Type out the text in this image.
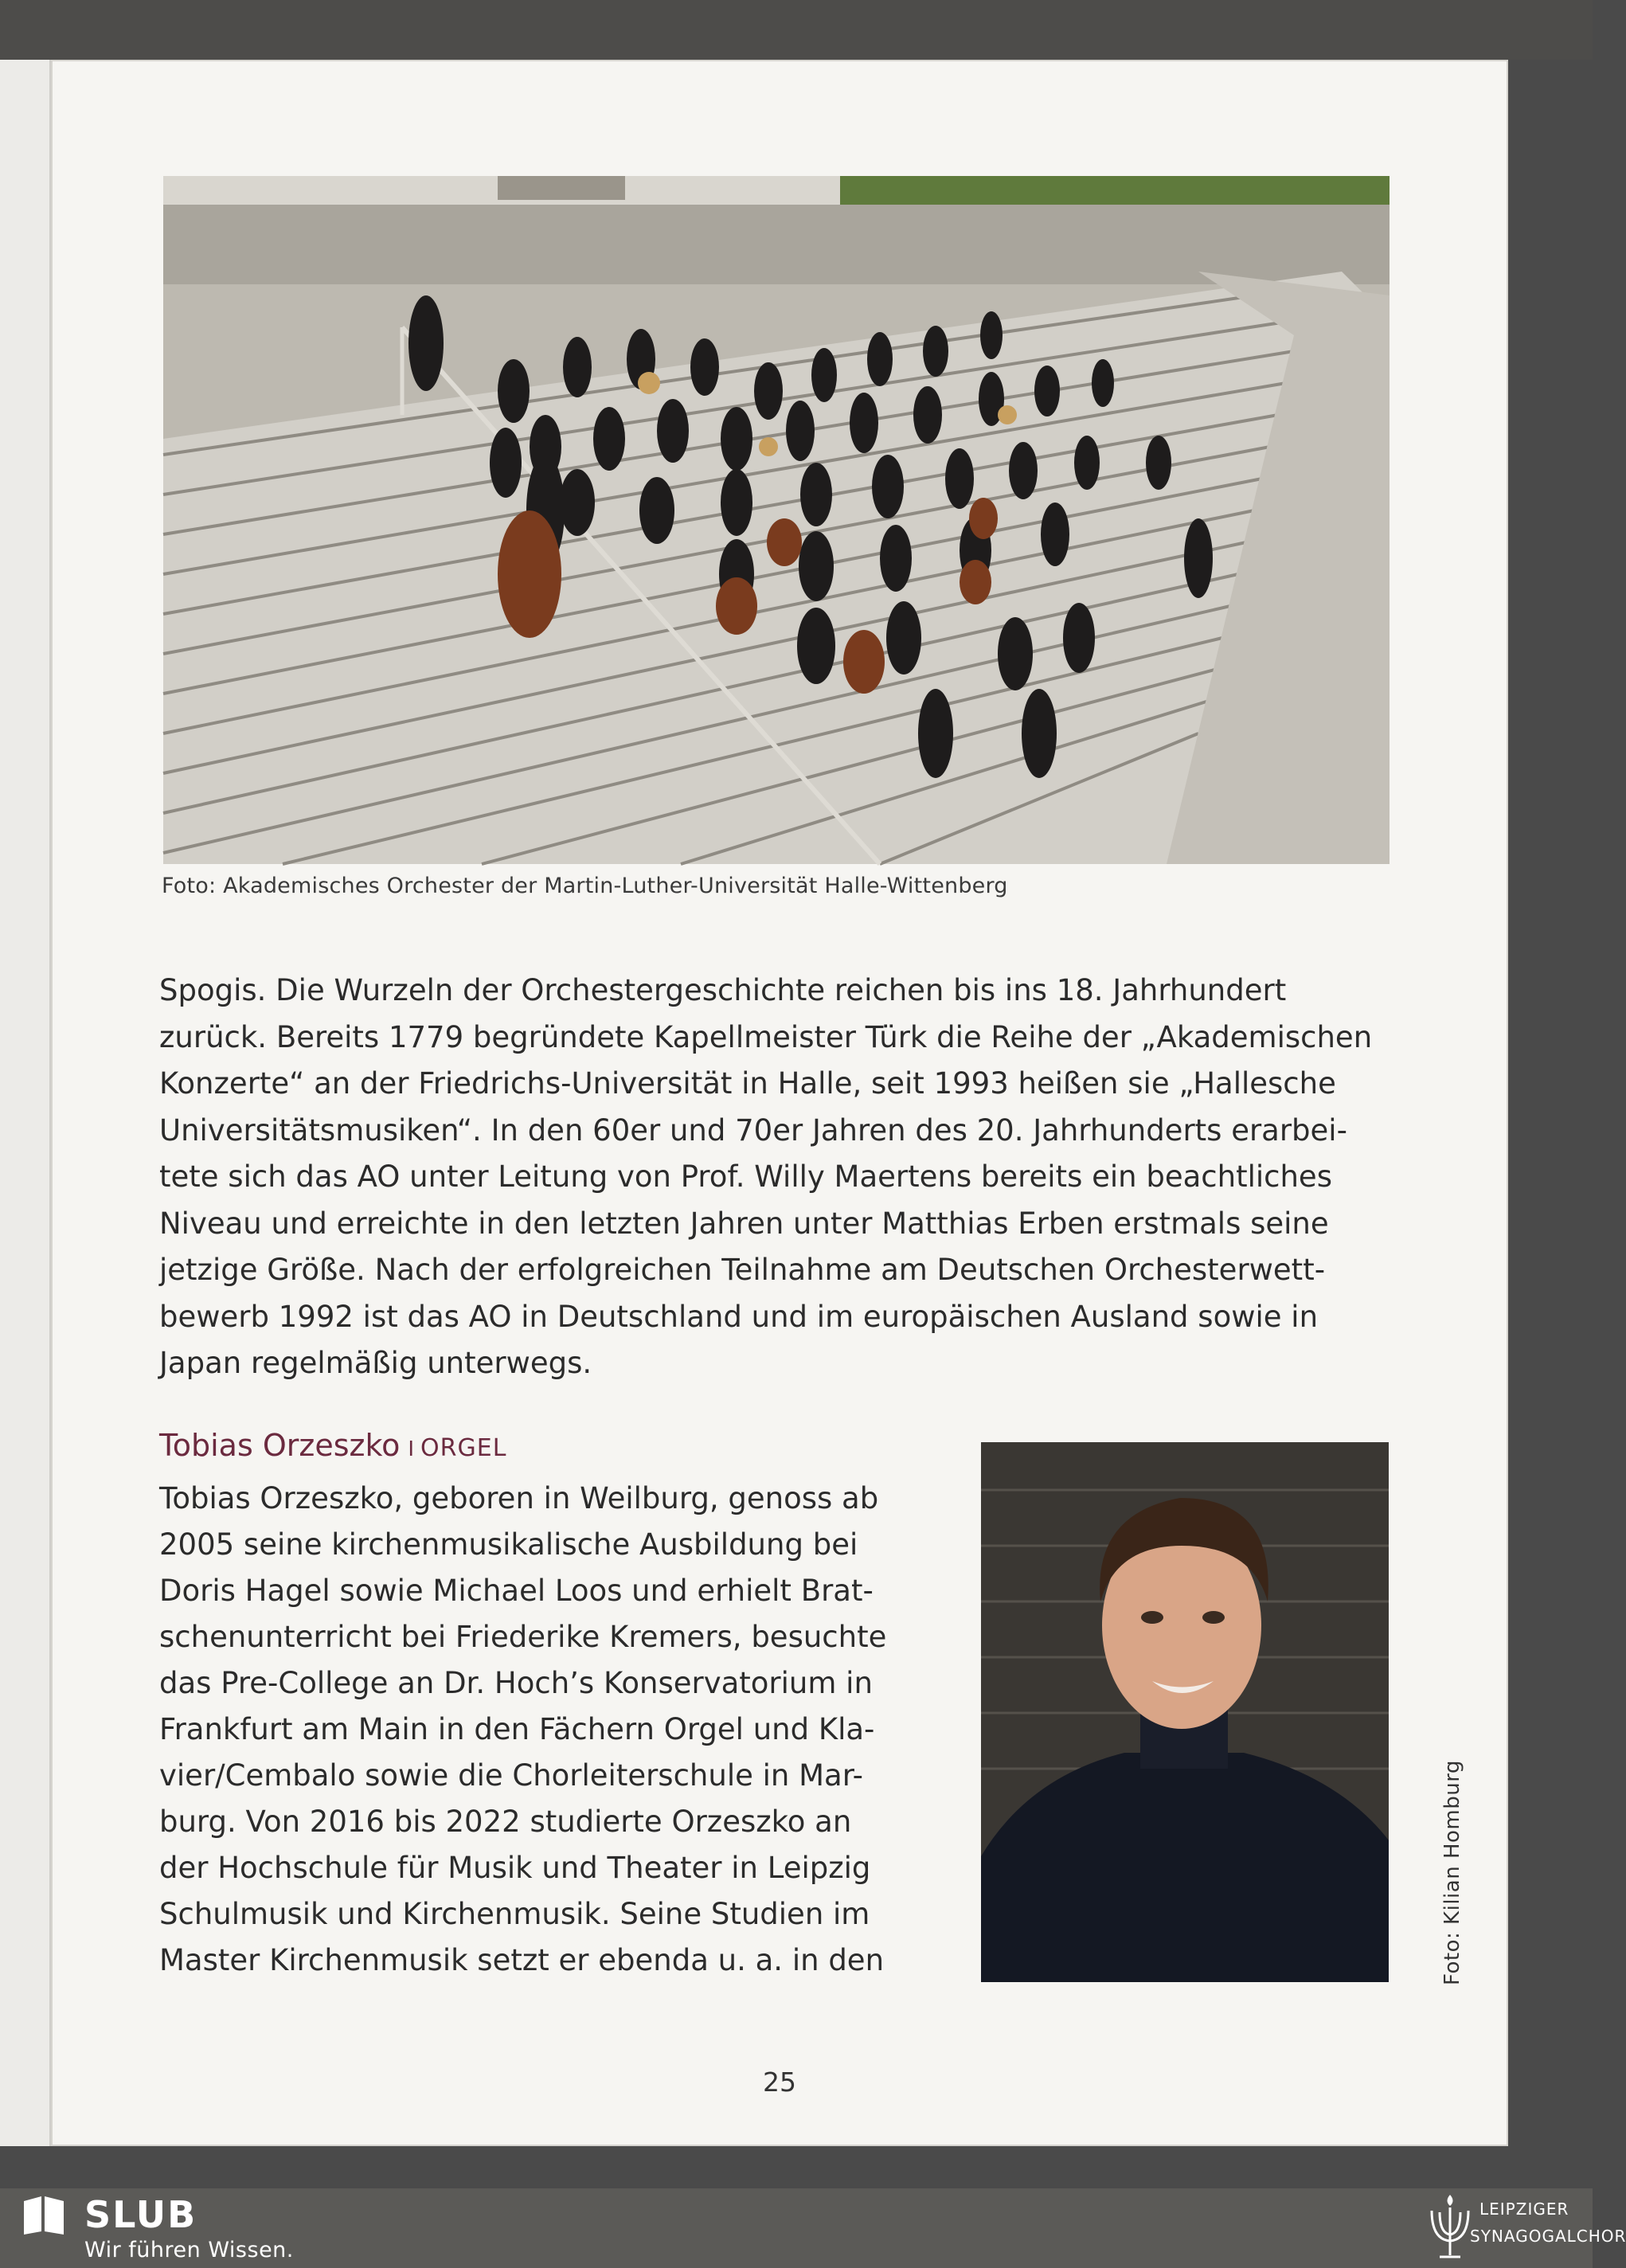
Foto: Akademisches Orchester der Martin-Luther-Universität Halle-Wittenberg

Spogis. Die Wurzeln der Orchestergeschichte reichen bis ins 18. Jahrhundert

zurück. Bereits 1779 begründete Kapellmeister Türk die Reihe der „Akademischen

Konzerte“ an der Friedrichs-Universität in Halle, seit 1993 heißen sie „Hallesche

Universitätsmusiken“. In den 60er und 70er Jahren des 20. Jahrhunderts erarbei-

tete sich das AO unter Leitung von Prof. Willy Maertens bereits ein beachtliches

Niveau und erreichte in den letzten Jahren unter Matthias Erben erstmals seine

jetzige Größe. Nach der erfolgreichen Teilnahme am Deutschen Orchesterwett-

bewerb 1992 ist das AO in Deutschland und im europäischen Ausland sowie in

Japan regelmäßig unterwegs.

Tobias Orzeszko I ORGEL

Tobias Orzeszko, geboren in Weilburg, genoss ab

2005 seine kirchenmusikalische Ausbildung bei

Doris Hagel sowie Michael Loos und erhielt Brat-

schenunterricht bei Friederike Kremers, besuchte

das Pre-College an Dr. Hoch’s Konservatorium in

Frankfurt am Main in den Fächern Orgel und Kla-

vier/Cembalo sowie die Chorleiterschule in Mar-

burg. Von 2016 bis 2022 studierte Orzeszko an

der Hochschule für Musik und Theater in Leipzig

Schulmusik und Kirchenmusik. Seine Studien im

Master Kirchenmusik setzt er ebenda u. a. in den	Foto: Kilian Homburg
25
SLUB
Wir führen Wissen.
LEIPZIGER
SYNAGOGALCHOR
